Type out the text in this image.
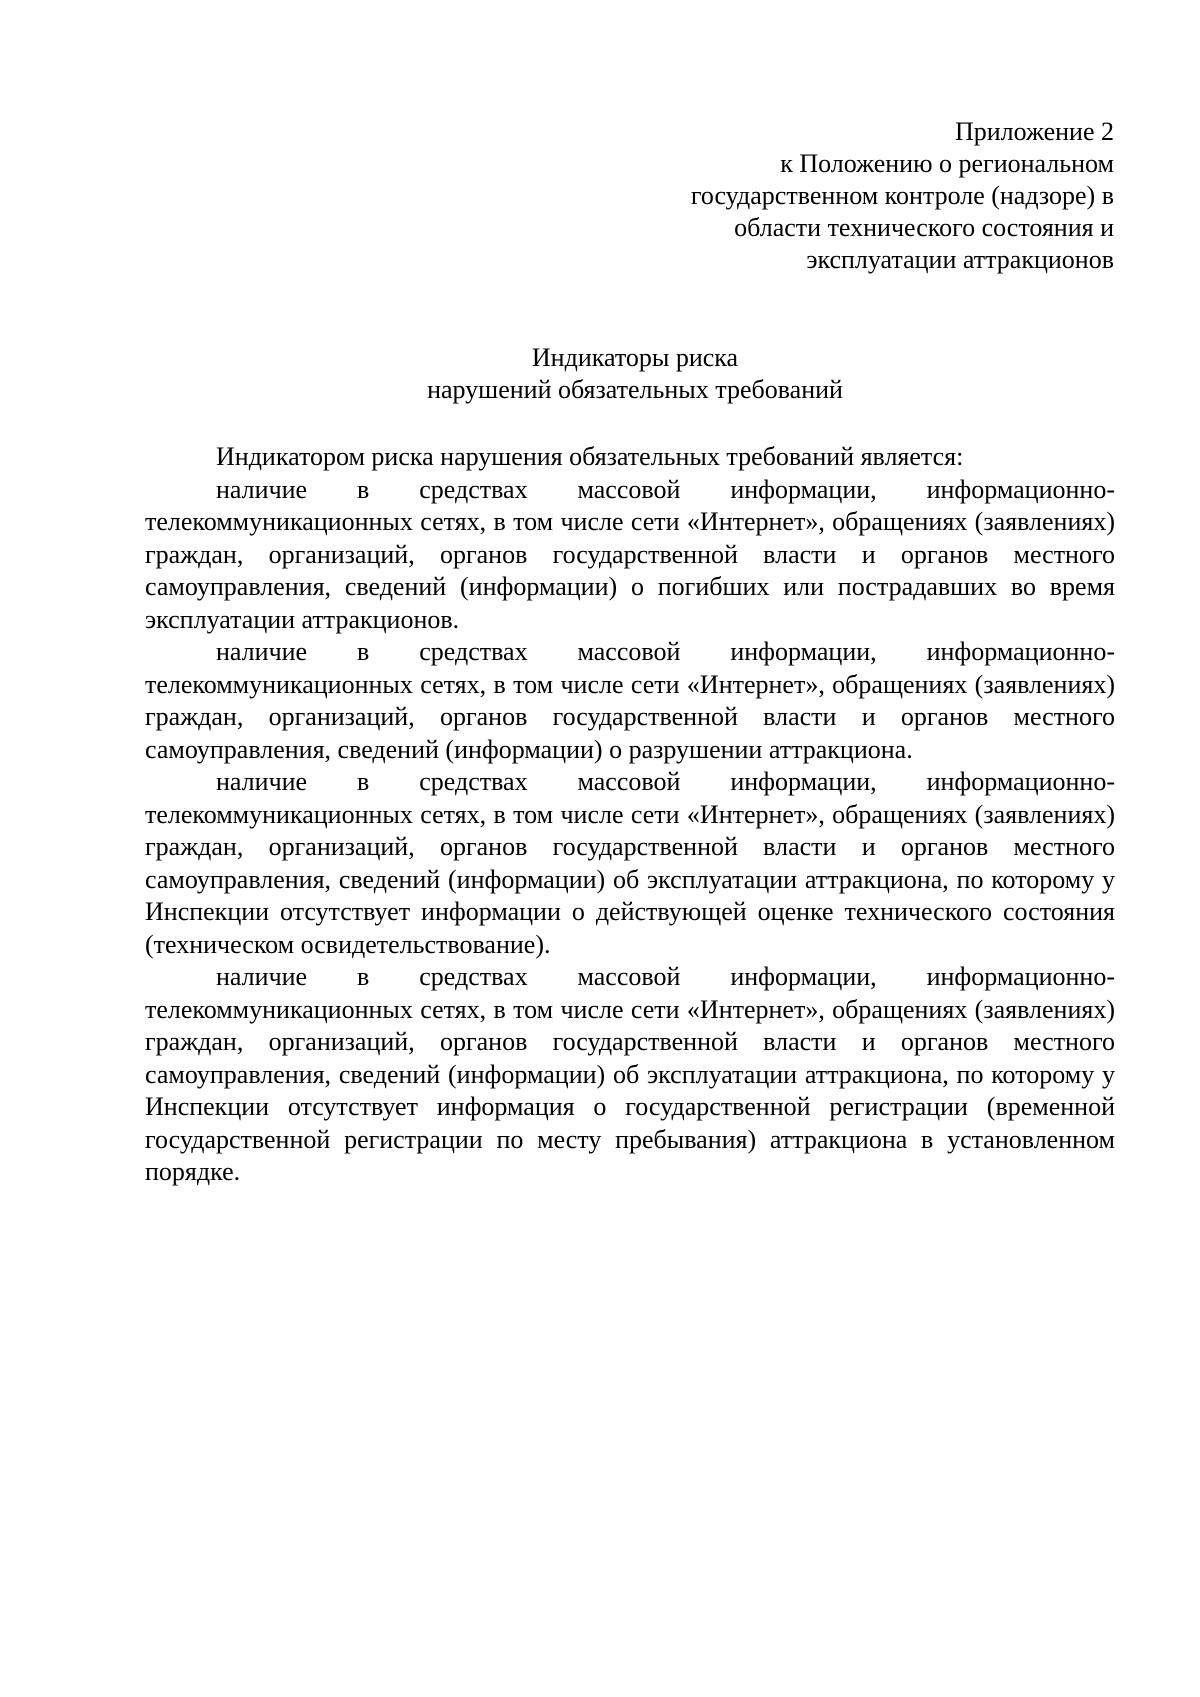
Приложение 2
к Положению о региональном
государственном контроле (надзоре) в
области технического состояния и
эксплуатации аттракционов
Индикаторы риска
нарушений обязательных требований

Индикатором риска нарушения обязательных требований является:

наличие в средствах массовой информации, информационно-телекоммуникационных сетях, в том числе сети «Интернет», обращениях (заявлениях) граждан, организаций, органов государственной власти и органов местного самоуправления, сведений (информации) о погибших или пострадавших во время эксплуатации аттракционов.

наличие в средствах массовой информации, информационно-телекоммуникационных сетях, в том числе сети «Интернет», обращениях (заявлениях) граждан, организаций, органов государственной власти и органов местного самоуправления, сведений (информации) о разрушении аттракциона.

наличие в средствах массовой информации, информационно-телекоммуникационных сетях, в том числе сети «Интернет», обращениях (заявлениях) граждан, организаций, органов государственной власти и органов местного самоуправления, сведений (информации) об эксплуатации аттракциона, по которому у Инспекции отсутствует информации о действующей оценке технического состояния (техническом освидетельствование).

наличие в средствах массовой информации, информационно-телекоммуникационных сетях, в том числе сети «Интернет», обращениях (заявлениях) граждан, организаций, органов государственной власти и органов местного самоуправления, сведений (информации) об эксплуатации аттракциона, по которому у Инспекции отсутствует информация о государственной регистрации (временной государственной регистрации по месту пребывания) аттракциона в установленном порядке.
